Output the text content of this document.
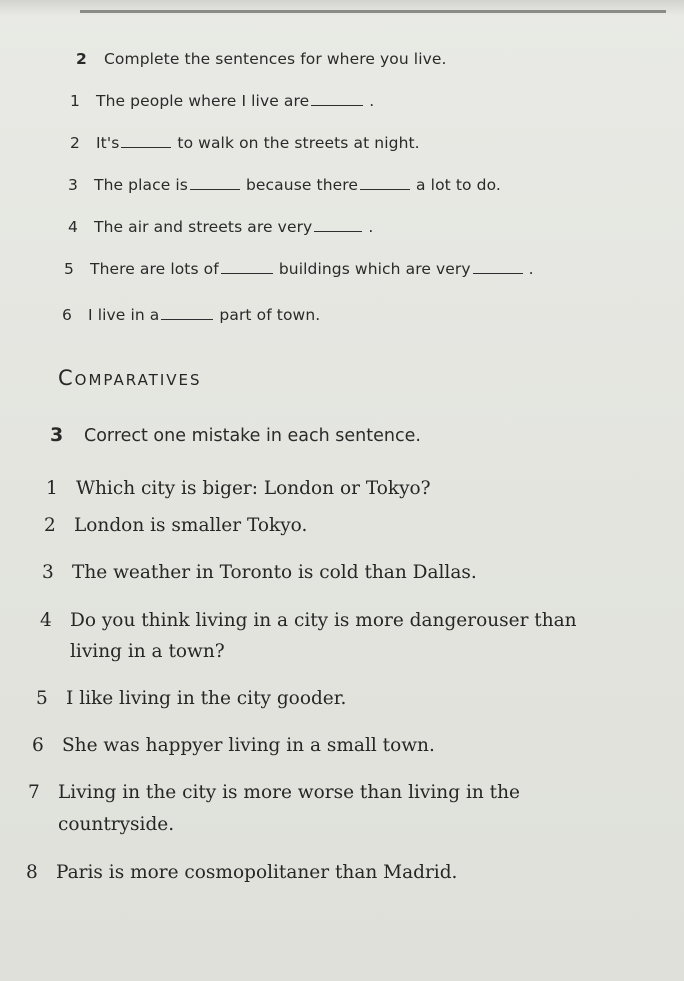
2 Complete the sentences for where you live.
1 The people where I live are	.
2 It's	to walk on the streets at night.
3 The place is	because there	a lot to do.
4 The air and streets are very	.
5 There are lots of	buildings which are very	.
6 I live in a	part of town.
Comparatives
3 Correct one mistake in each sentence.
1 Which city is biger: London or Tokyo?
2 London is smaller Tokyo.
3 The weather in Toronto is cold than Dallas.
4 Do you think living in a city is more dangerouser than
living in a town?
5 I like living in the city gooder.
6 She was happyer living in a small town.
7 Living in the city is more worse than living in the
countryside.
8 Paris is more cosmopolitaner than Madrid.
